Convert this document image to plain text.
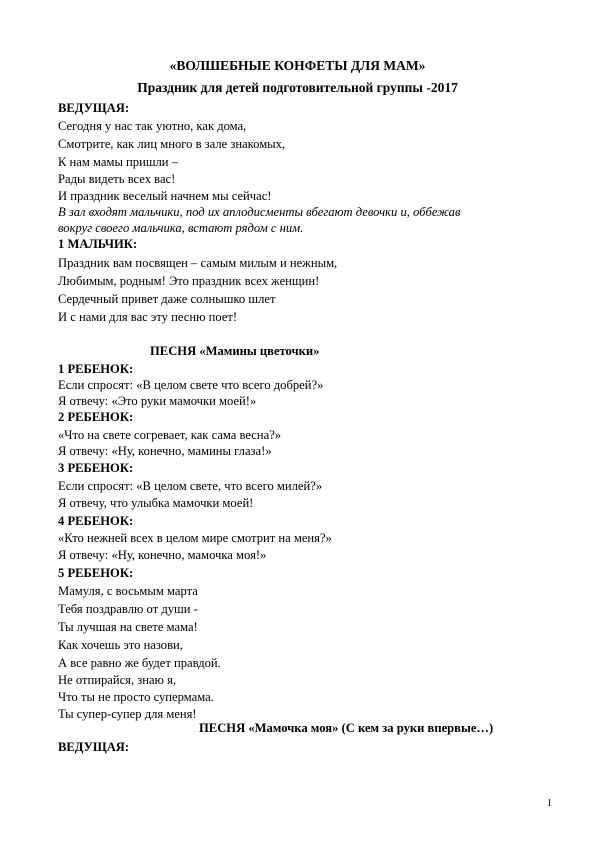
«ВОЛШЕБНЫЕ КОНФЕТЫ ДЛЯ МАМ»
Праздник для детей подготовительной группы -2017
ВЕДУЩАЯ:
Сегодня у нас так уютно, как дома,
Смотрите, как лиц много в зале знакомых,
К нам мамы пришли –
Рады видеть всех вас!
И праздник веселый начнем мы сейчас!
В зал входят мальчики, под их аплодисменты вбегают девочки и, оббежав
вокруг своего мальчика, встают рядом с ним.
1 МАЛЬЧИК:
Праздник вам посвящен – самым милым и нежным,
Любимым, родным! Это праздник всех женщин!
Сердечный привет даже солнышко шлет
И с нами для вас эту песню поет!
ПЕСНЯ «Мамины цветочки»
1 РЕБЕНОК:
Если спросят: «В целом свете что всего добрей?»
Я отвечу: «Это руки мамочки моей!»
2 РЕБЕНОК:
«Что на свете согревает, как сама весна?»
Я отвечу: «Ну, конечно, мамины глаза!»
3 РЕБЕНОК:
Если спросят: «В целом свете, что всего милей?»
Я отвечу, что улыбка мамочки моей!
4 РЕБЕНОК:
«Кто нежней всех в целом мире смотрит на меня?»
Я отвечу: «Ну, конечно, мамочка моя!»
5 РЕБЕНОК:
Мамуля, с восьмым марта
Тебя поздравлю от души -
Ты лучшая на свете мама!
Как хочешь это назови,
А все равно же будет правдой.
Не отпирайся, знаю я,
Что ты не просто супермама.
Ты супер-супер для меня!
ПЕСНЯ «Мамочка моя» (С кем за руки впервые…)
ВЕДУЩАЯ:
1
